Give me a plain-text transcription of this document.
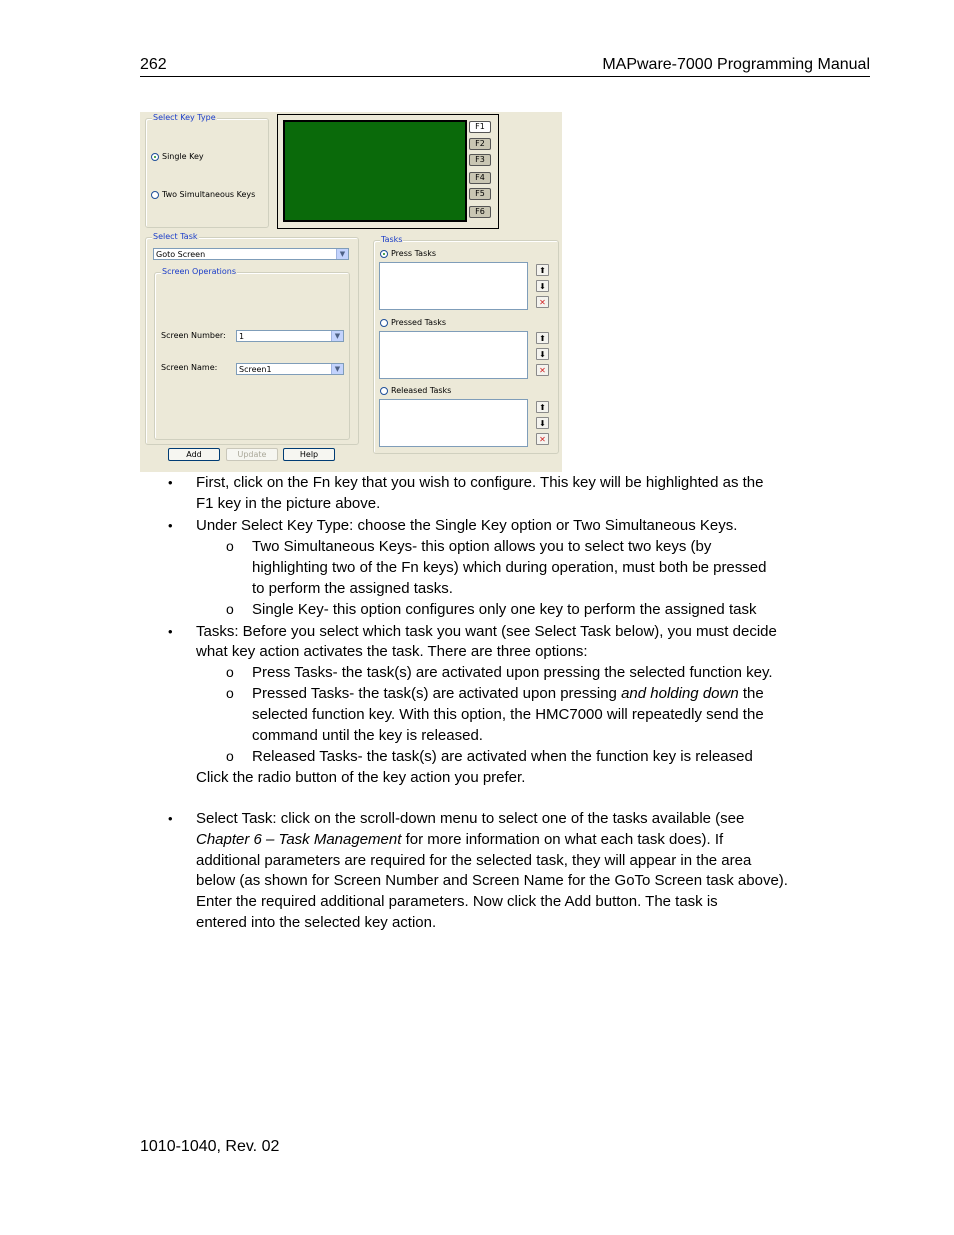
262	MAPware-7000 Programming Manual
Select Key Type
Single Key
Two Simultaneous Keys
F1
F2
F3
F4
F5
F6
Select Task
Goto Screen	▼
Screen Operations
Screen Number:	1	▼
Screen Name:	Screen1	▼
Tasks
Press Tasks
⬆
⬇
✕
Pressed Tasks
⬆
⬇
✕
Released Tasks
⬆
⬇
✕
Add	Update	Help
• First, click on the Fn key that you wish to configure. This key will be highlighted as the
F1 key in the picture above.
• Under Select Key Type: choose the Single Key option or Two Simultaneous Keys.
o Two Simultaneous Keys- this option allows you to select two keys (by
highlighting two of the Fn keys) which during operation, must both be pressed
to perform the assigned tasks.
o Single Key- this option configures only one key to perform the assigned task
• Tasks: Before you select which task you want (see Select Task below), you must decide
what key action activates the task. There are three options:
o Press Tasks- the task(s) are activated upon pressing the selected function key.
o Pressed Tasks- the task(s) are activated upon pressing and holding down the
selected function key. With this option, the HMC7000 will repeatedly send the
command until the key is released.
o Released Tasks- the task(s) are activated when the function key is released
Click the radio button of the key action you prefer.
• Select Task: click on the scroll-down menu to select one of the tasks available (see
Chapter 6 – Task Management for more information on what each task does). If
additional parameters are required for the selected task, they will appear in the area
below (as shown for Screen Number and Screen Name for the GoTo Screen task above).
Enter the required additional parameters. Now click the Add button. The task is
entered into the selected key action.
1010-1040, Rev. 02
